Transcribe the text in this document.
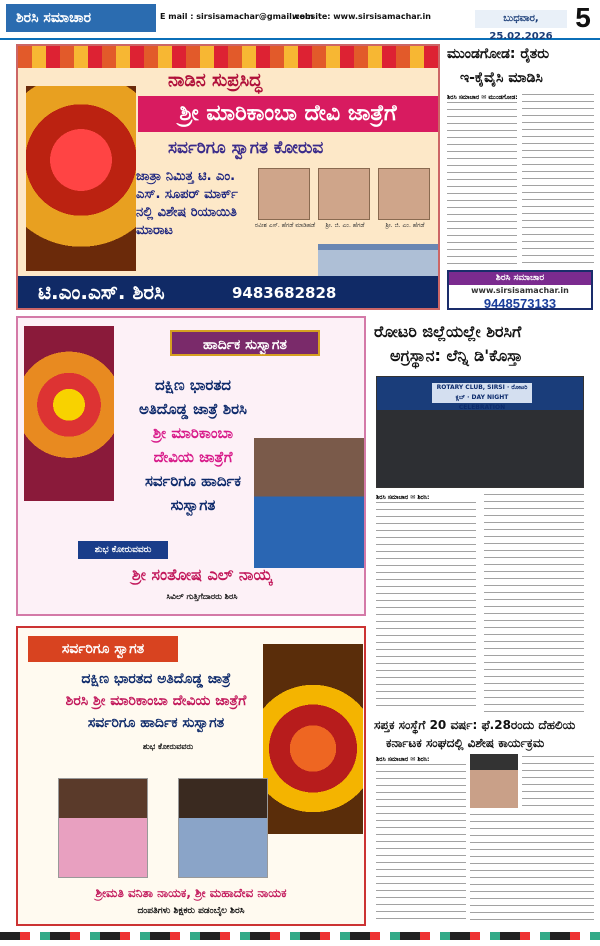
ಶಿರಸಿ ಸಮಾಚಾರ	E mail : sirsisamachar@gmail.com
website: www.sirsisamachar.in	ಬುಧವಾರ, 25.02.2026
5
ನಾಡಿನ ಸುಪ್ರಸಿದ್ಧ
ಶ್ರೀ ಮಾರಿಕಾಂಬಾ ದೇವಿ ಜಾತ್ರೆಗೆ
ಸರ್ವರಿಗೂ ಸ್ವಾಗತ ಕೋರುವ
ಜಾತ್ರಾ ನಿಮಿತ್ತ ಟಿ. ಎಂ. ಎಸ್. ಸೂಪರ್ ಮಾರ್ಕ್ ನಲ್ಲಿ ವಿಶೇಷ ರಿಯಾಯಿತಿ ಮಾರಾಟ	ರವೀಶ ಎಸ್. ಹೆಗಡೆ ಮಾಡಿಹಡೆ	ಶ್ರೀ. ಜಿ. ಎಂ. ಹೆಗಡೆ	ಶ್ರೀ. ಜಿ. ಎಂ. ಹೆಗಡೆ
ಟಿ.ಎಂ.ಎಸ್. ಶಿರಸಿ	9483682828
ಮುಂಡಗೋಡ: ರೈತರು
ಇ-ಕೈವೈಸಿ ಮಾಡಿಸಿ
ಶಿರಸಿ ಸಮಾಚಾರ ✉ ಮುಂಡಗೋಡ:
ಶಿರಸಿ ಸಮಾಚಾರ
www.sirsisamachar.in
9448573133
ಹಾರ್ದಿಕ ಸುಸ್ವಾಗತ
ದಕ್ಷಿಣ ಭಾರತದ
ಅತಿದೊಡ್ಡ ಜಾತ್ರೆ ಶಿರಸಿ
ಶ್ರೀ ಮಾರಿಕಾಂಬಾ
ದೇವಿಯ ಜಾತ್ರೆಗೆ
ಸರ್ವರಿಗೂ ಹಾರ್ದಿಕ
ಸುಸ್ವಾಗತ
ಶುಭ ಕೋರುವವರು
ಶ್ರೀ ಸಂತೋಷ ಎಲ್ ನಾಯ್ಕ
ಸಿವಿಲ್ ಗುತ್ತಿಗೆದಾರರು ಶಿರಸಿ
ಸರ್ವರಿಗೂ ಸ್ವಾಗತ
ದಕ್ಷಿಣ ಭಾರತದ ಅತಿದೊಡ್ಡ ಜಾತ್ರೆ
ಶಿರಸಿ ಶ್ರೀ ಮಾರಿಕಾಂಬಾ ದೇವಿಯ ಜಾತ್ರೆಗೆ
ಸರ್ವರಿಗೂ ಹಾರ್ದಿಕ ಸುಸ್ವಾಗತ
ಶುಭ ಕೋರುವವರು
ಶ್ರೀಮತಿ ವನಿತಾ ನಾಯಕ, ಶ್ರೀ ಮಹಾದೇವ ನಾಯಕ
ದಂಪತಿಗಳು ಶಿಕ್ಷಕರು ಪಡಂಬೈಲ ಶಿರಸಿ
ರೋಟರಿ ಜಿಲ್ಲೆಯಲ್ಲೇ ಶಿರಸಿಗೆ
ಅಗ್ರಸ್ಥಾನ: ಲೆನ್ನಿ ಡಿ'ಕೊಸ್ತಾ
ROTARY CLUB, SIRSI · ರೋಟರಿ ಕ್ಲಬ್ · DAY NIGHT CELEBRATION
ಶಿರಸಿ ಸಮಾಚಾರ ✉ ಶಿರಸಿ:
ಸಪ್ತಕ ಸಂಸ್ಥೆಗೆ 20 ವರ್ಷ: ಫೆ.28ರಂದು ದೆಹಲಿಯ
ಕರ್ನಾಟಕ ಸಂಘದಲ್ಲಿ ವಿಶೇಷ ಕಾರ್ಯಕ್ರಮ
ಶಿರಸಿ ಸಮಾಚಾರ ✉ ಶಿರಸಿ:
